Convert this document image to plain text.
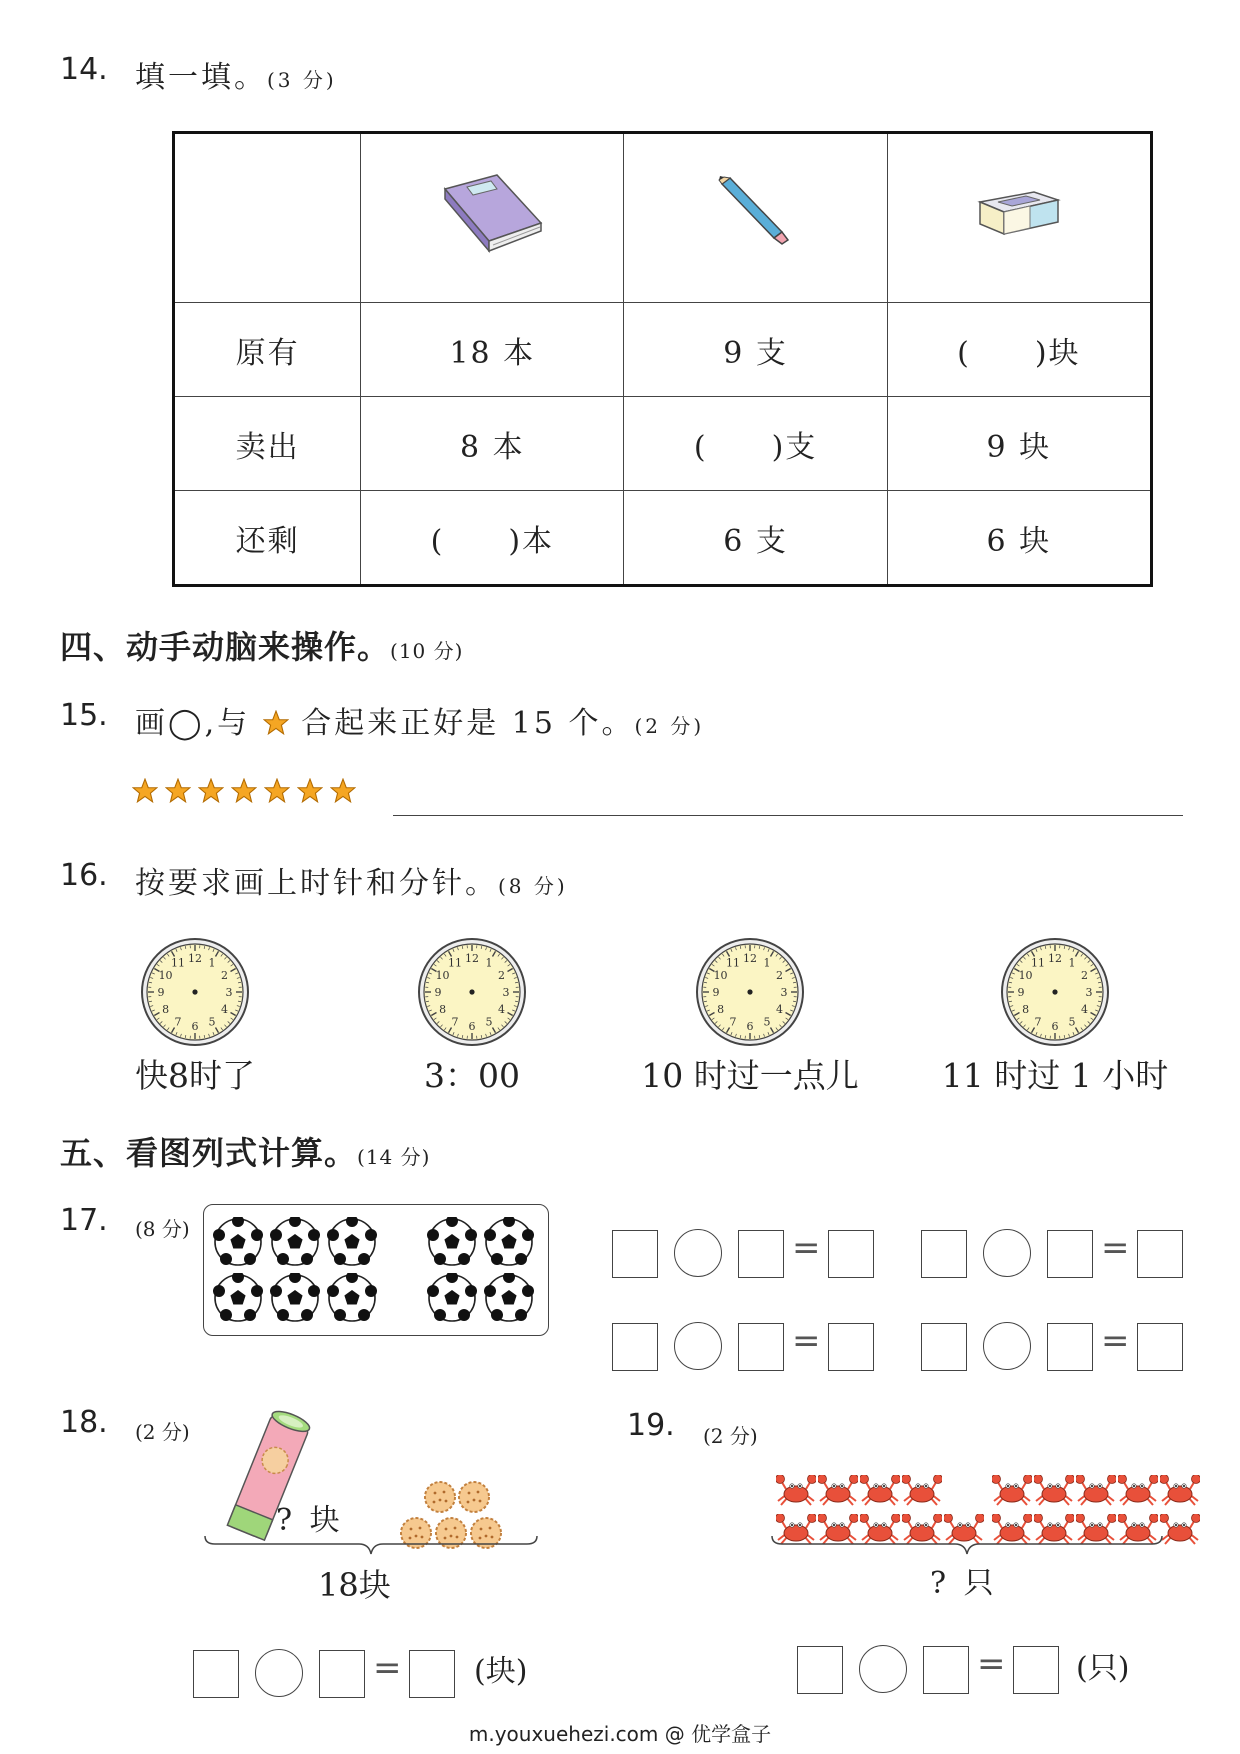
14. 填一填。(3 分)

原有	18 本	9 支	(　　)块
卖出	8 本	(　　)支	9 块
还剩	(　　)本	6 支	6 块
四、动手动脑来操作。(10 分)
15. 画◯,与 合起来正好是 15 个。(2 分)
16. 按要求画上时针和分针。(8 分)
12 1
2
3
4
5
6
7
8
9
10
11
快8时了
12 1
2
3
4
5
6
7
8
9
10
11
3：00
12 1
2
3
4
5
6
7
8
9
10
11
10 时过一点儿
12 1
2
3
4
5
6
7
8
9
10
11
11 时过 1 小时
五、看图列式计算。(14 分)
17. (8 分)	=	=
=	=
18. (2 分)
? 块
18块
= (块)
19. (2 分)
? 只
= (只)
m.youxuehezi.com @ 优学盒子
